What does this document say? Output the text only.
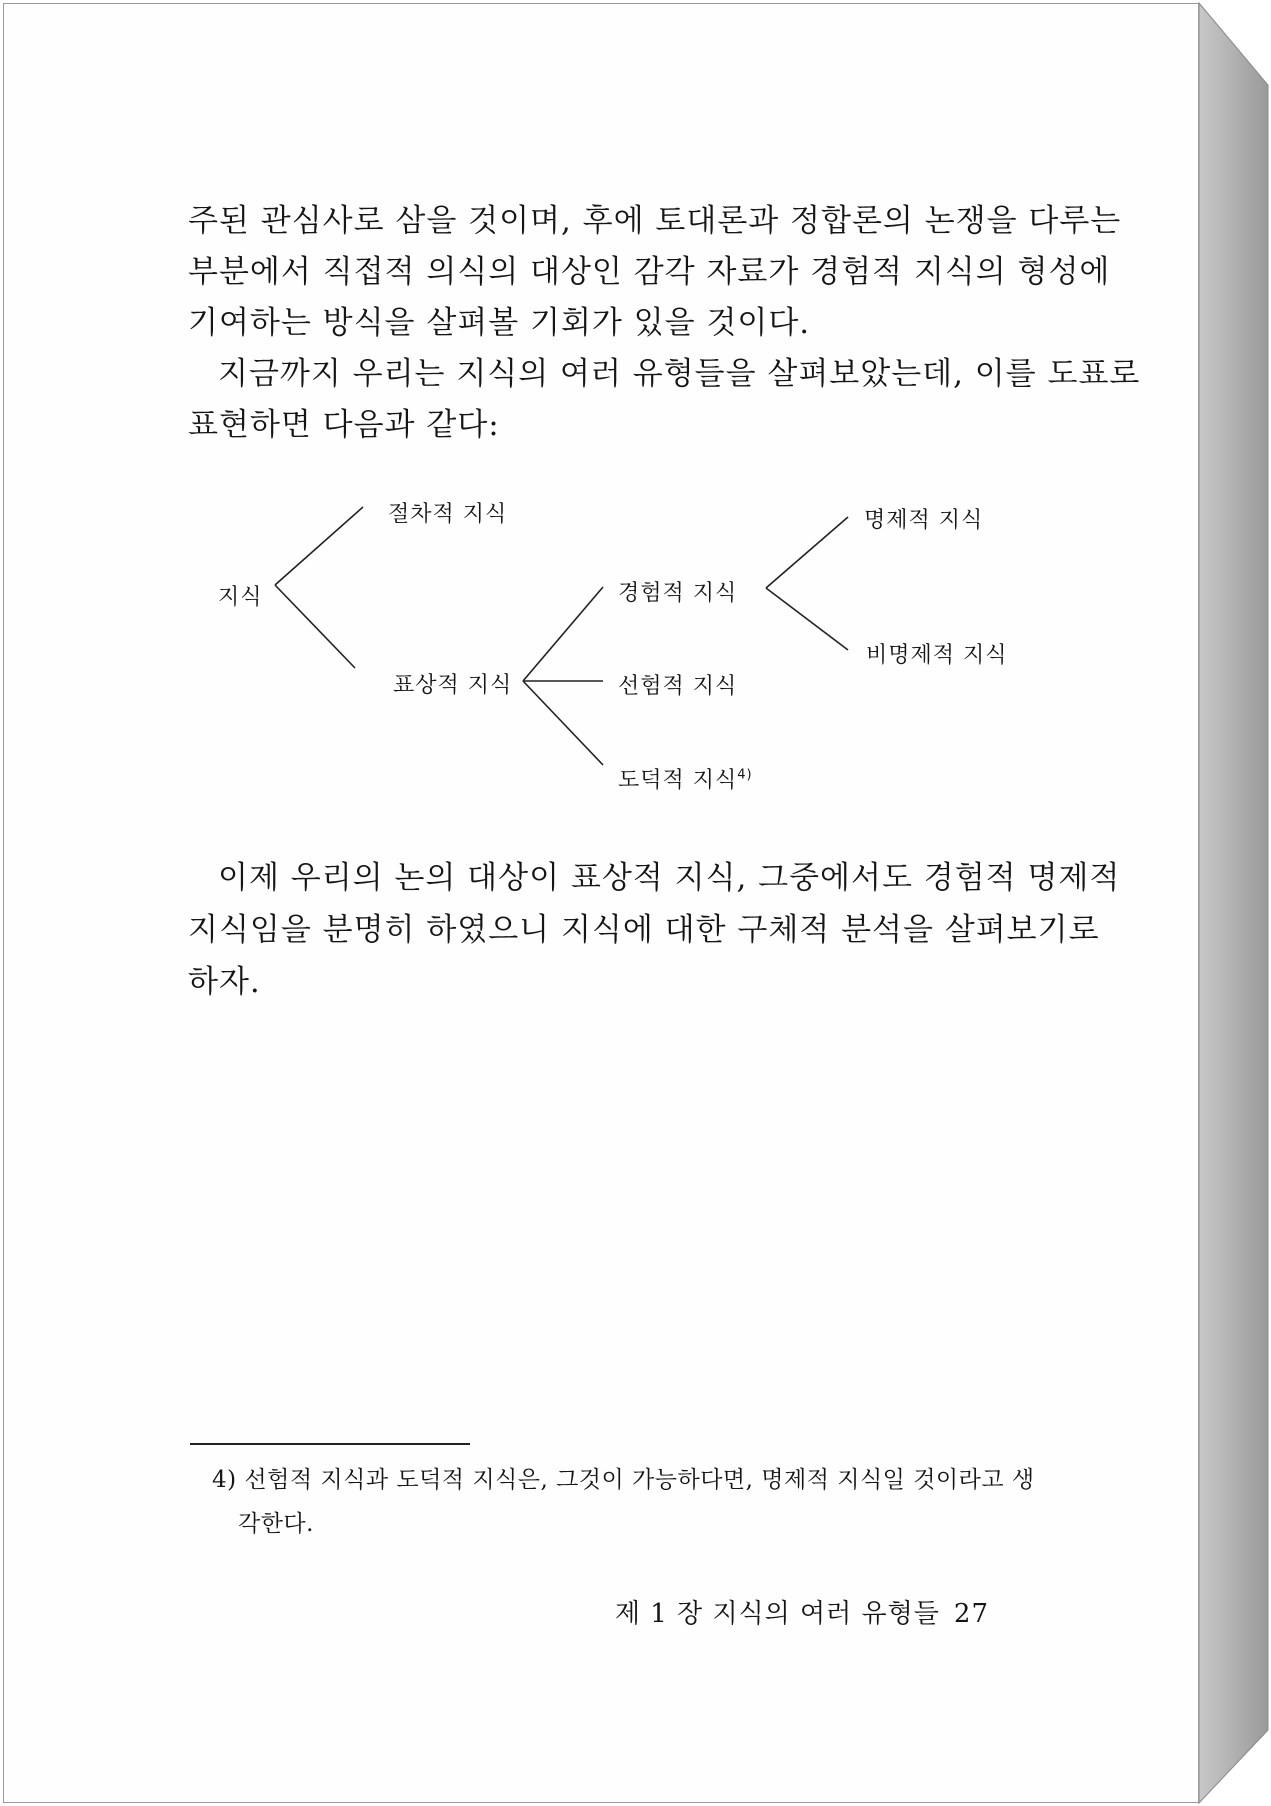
주된 관심사로 삼을 것이며, 후에 토대론과 정합론의 논쟁을 다루는

부분에서 직접적 의식의 대상인 감각 자료가 경험적 지식의 형성에

기여하는 방식을 살펴볼 기회가 있을 것이다.

지금까지 우리는 지식의 여러 유형들을 살펴보았는데, 이를 도표로

표현하면 다음과 같다:

지식
절차적 지식
표상적 지식
경험적 지식
선험적 지식
도덕적 지식$^{4)}$
명제적 지식
비명제적 지식

이제 우리의 논의 대상이 표상적 지식, 그중에서도 경험적 명제적

지식임을 분명히 하였으니 지식에 대한 구체적 분석을 살펴보기로

하자.

4) 선험적 지식과 도덕적 지식은, 그것이 가능하다면, 명제적 지식일 것이라고 생

각한다.

제 1 장 지식의 여러 유형들 27
